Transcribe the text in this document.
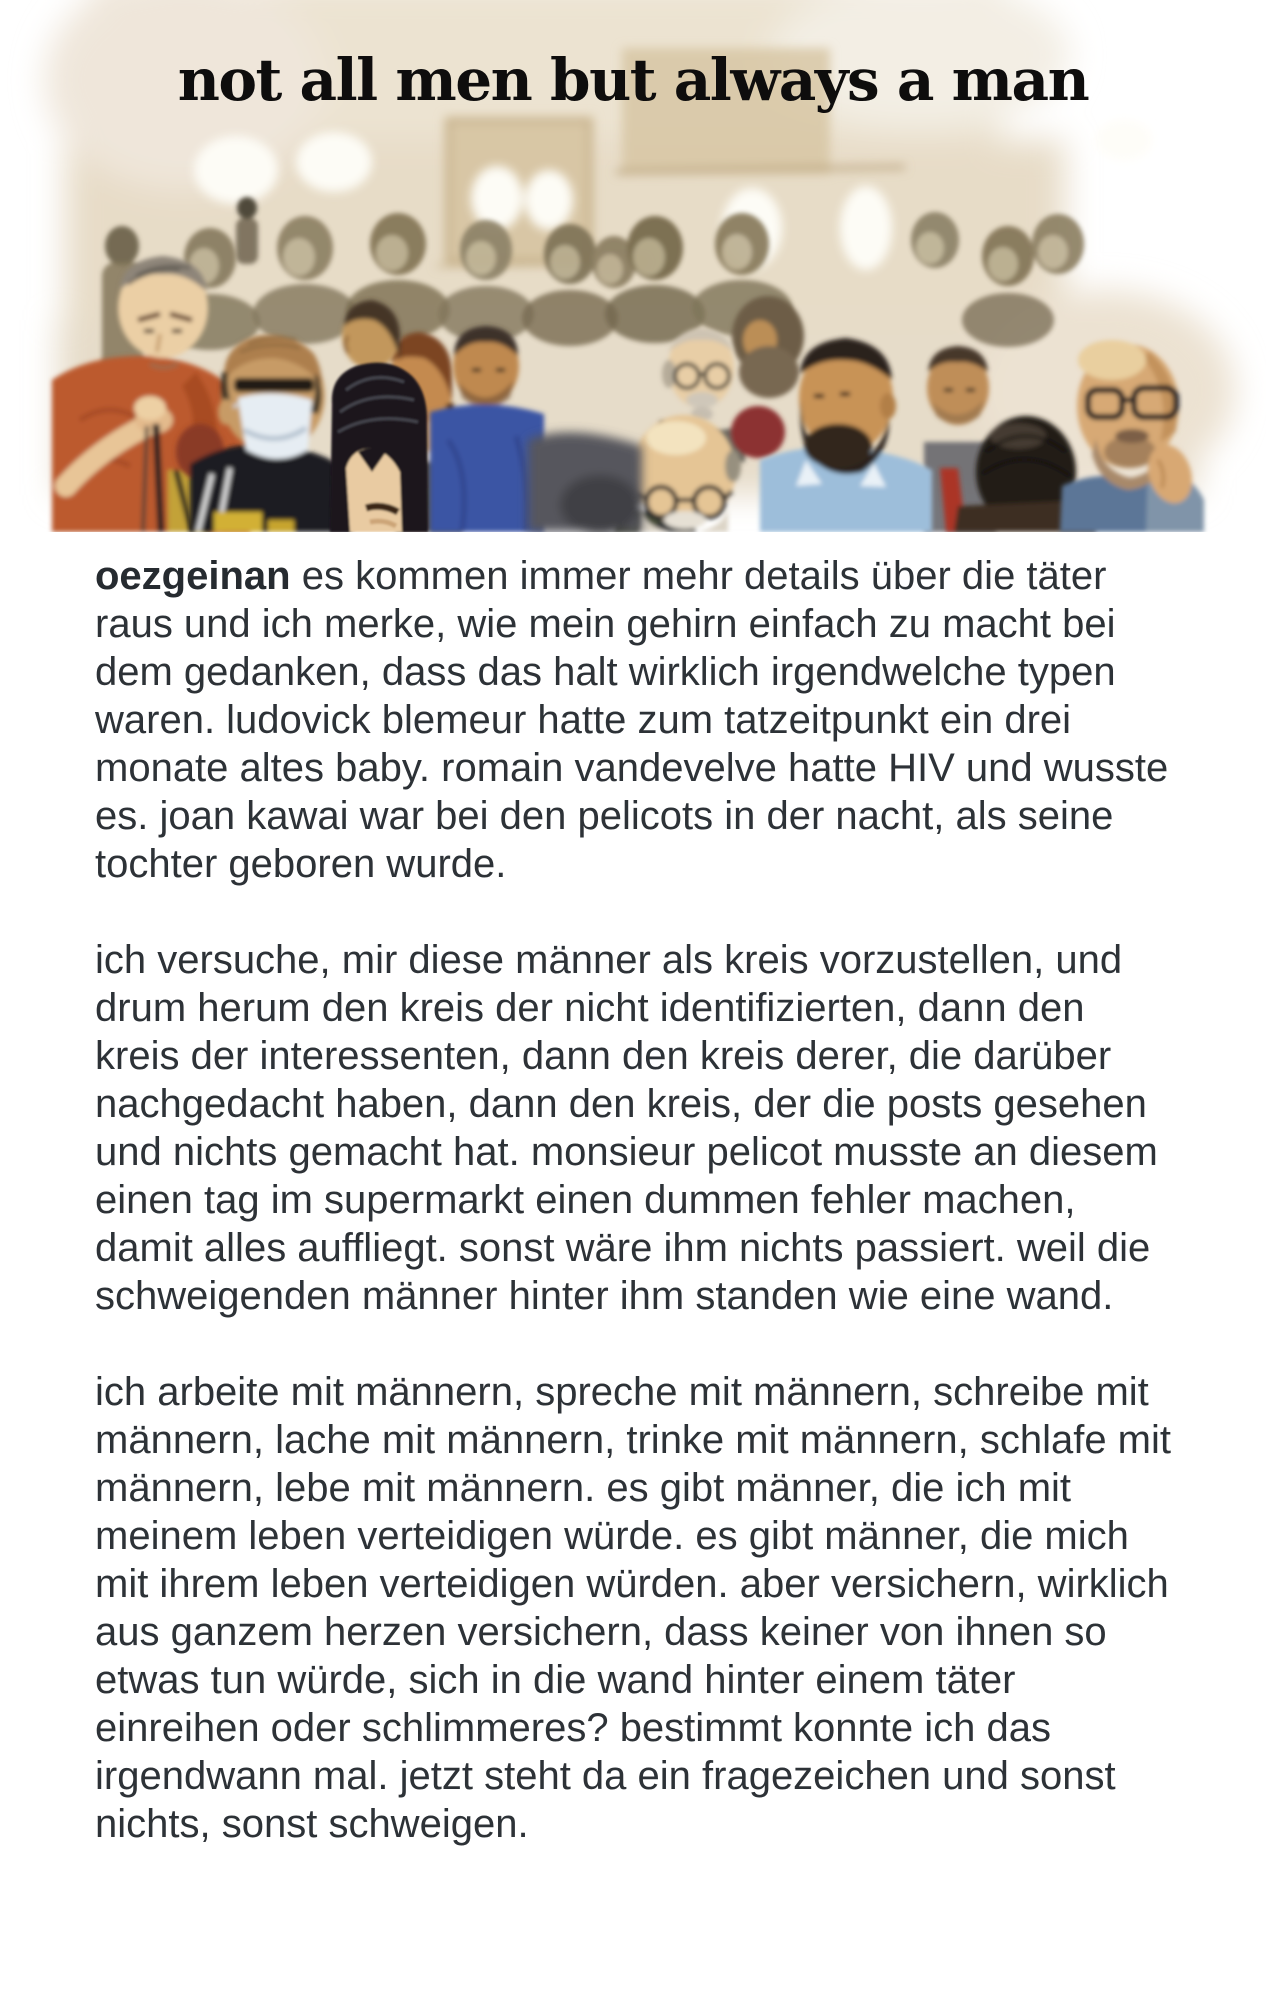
not all men but always a man

oezgeinan es kommen immer mehr details über die täter raus und ich merke, wie mein gehirn einfach zu macht bei dem gedanken, dass das halt wirklich irgendwelche typen waren. ludovick blemeur hatte zum tatzeitpunkt ein drei monate altes baby. romain vandevelve hatte HIV und wusste es. joan kawai war bei den pelicots in der nacht, als seine tochter geboren wurde.

ich versuche, mir diese männer als kreis vorzustellen, und drum herum den kreis der nicht identifizierten, dann den kreis der interessenten, dann den kreis derer, die darüber nachgedacht haben, dann den kreis, der die posts gesehen und nichts gemacht hat. monsieur pelicot musste an diesem einen tag im supermarkt einen dummen fehler machen, damit alles auffliegt. sonst wäre ihm nichts passiert. weil die schweigenden männer hinter ihm standen wie eine wand.

ich arbeite mit männern, spreche mit männern, schreibe mit männern, lache mit männern, trinke mit männern, schlafe mit männern, lebe mit männern. es gibt männer, die ich mit meinem leben verteidigen würde. es gibt männer, die mich mit ihrem leben verteidigen würden. aber versichern, wirklich aus ganzem herzen versichern, dass keiner von ihnen so etwas tun würde, sich in die wand hinter einem täter einreihen oder schlimmeres? bestimmt konnte ich das irgendwann mal. jetzt steht da ein fragezeichen und sonst nichts, sonst schweigen.
